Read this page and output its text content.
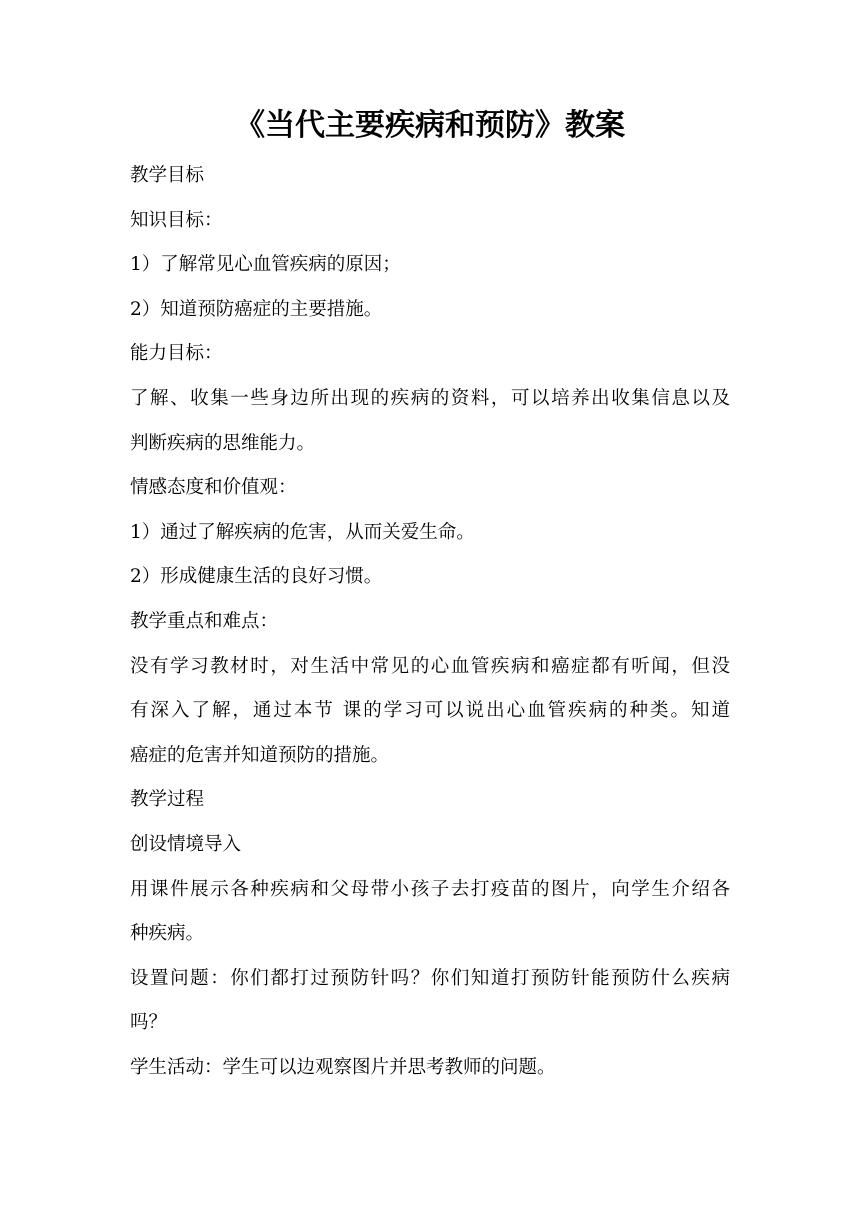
《当代主要疾病和预防》教案
教学目标
知识目标：
1）了解常见心血管疾病的原因；
2）知道预防癌症的主要措施。
能力目标：
了解、收集一些身边所出现的疾病的资料，可以培养出收集信息以及
判断疾病的思维能力。
情感态度和价值观：
1）通过了解疾病的危害，从而关爱生命。
2）形成健康生活的良好习惯。
教学重点和难点：
没有学习教材时，对生活中常见的心血管疾病和癌症都有听闻，但没
有深入了解，通过本节 课的学习可以说出心血管疾病的种类。知道
癌症的危害并知道预防的措施。
教学过程
创设情境导入
用课件展示各种疾病和父母带小孩子去打疫苗的图片，向学生介绍各
种疾病。
设置问题：你们都打过预防针吗？你们知道打预防针能预防什么疾病
吗？
学生活动：学生可以边观察图片并思考教师的问题。
